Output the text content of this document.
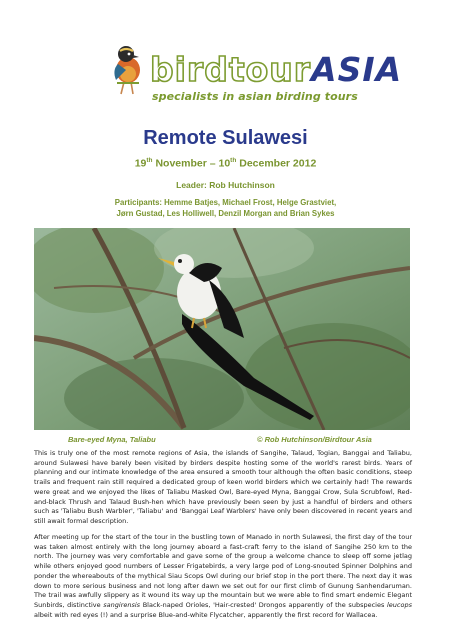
birdtourASIA
specialists in asian birding tours
Remote Sulawesi
19th November – 10th December 2012
Leader: Rob Hutchinson
Participants: Hemme Batjes, Michael Frost, Helge Grastviet,
Jørn Gustad, Les Holliwell, Denzil Morgan and Brian Sykes
Bare-eyed Myna, Taliabu	© Rob Hutchinson/Birdtour Asia
This is truly one of the most remote regions of Asia, the islands of Sangihe, Talaud, Togian, Banggai and Taliabu, around Sulawesi have barely been visited by birders despite hosting some of the world's rarest birds. Years of planning and our intimate knowledge of the area ensured a smooth tour although the often basic conditions, steep trails and frequent rain still required a dedicated group of keen world birders which we certainly had! The rewards were great and we enjoyed the likes of Taliabu Masked Owl, Bare-eyed Myna, Banggai Crow, Sula Scrubfowl, Red-and-black Thrush and Talaud Bush-hen which have previously been seen by just a handful of birders and others such as 'Taliabu Bush Warbler', 'Taliabu' and 'Banggai Leaf Warblers' have only been discovered in recent years and still await formal description.
After meeting up for the start of the tour in the bustling town of Manado in north Sulawesi, the first day of the tour was taken almost entirely with the long journey aboard a fast-craft ferry to the island of Sangihe 250 km to the north. The journey was very comfortable and gave some of the group a welcome chance to sleep off some jetlag while others enjoyed good numbers of Lesser Frigatebirds, a very large pod of Long-snouted Spinner Dolphins and ponder the whereabouts of the mythical Siau Scops Owl during our brief stop in the port there. The next day it was down to more serious business and not long after dawn we set out for our first climb of Gunung Sanhendaruman. The trail was awfully slippery as it wound its way up the mountain but we were able to find smart endemic Elegant Sunbirds, distinctive sangirensis Black-naped Orioles, 'Hair-crested' Drongos apparently of the subspecies leucops albeit with red eyes (!) and a surprise Blue-and-white Flycatcher, apparently the first record for Wallacea.
